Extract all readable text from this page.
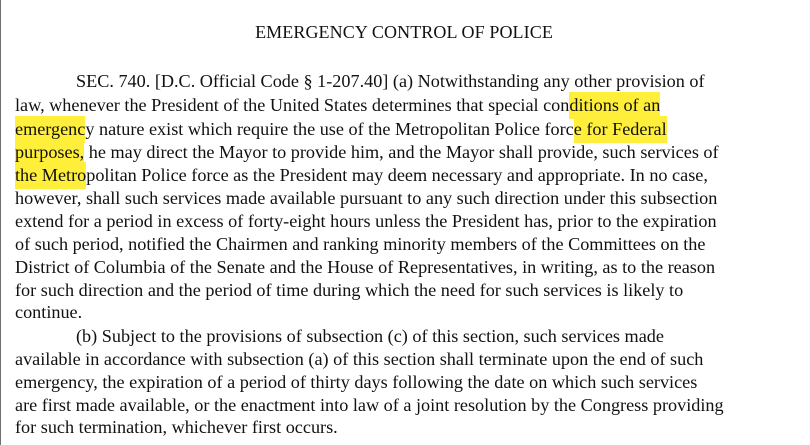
EMERGENCY CONTROL OF POLICE
SEC. 740. [D.C. Official Code § 1-207.40] (a) Notwithstanding any other provision of
law, whenever the President of the United States determines that special conditions of an
emergency nature exist which require the use of the Metropolitan Police force for Federal
purposes, he may direct the Mayor to provide him, and the Mayor shall provide, such services of
the Metropolitan Police force as the President may deem necessary and appropriate. In no case,
however, shall such services made available pursuant to any such direction under this subsection
extend for a period in excess of forty-eight hours unless the President has, prior to the expiration
of such period, notified the Chairmen and ranking minority members of the Committees on the
District of Columbia of the Senate and the House of Representatives, in writing, as to the reason
for such direction and the period of time during which the need for such services is likely to
continue.
(b) Subject to the provisions of subsection (c) of this section, such services made
available in accordance with subsection (a) of this section shall terminate upon the end of such
emergency, the expiration of a period of thirty days following the date on which such services
are first made available, or the enactment into law of a joint resolution by the Congress providing
for such termination, whichever first occurs.
